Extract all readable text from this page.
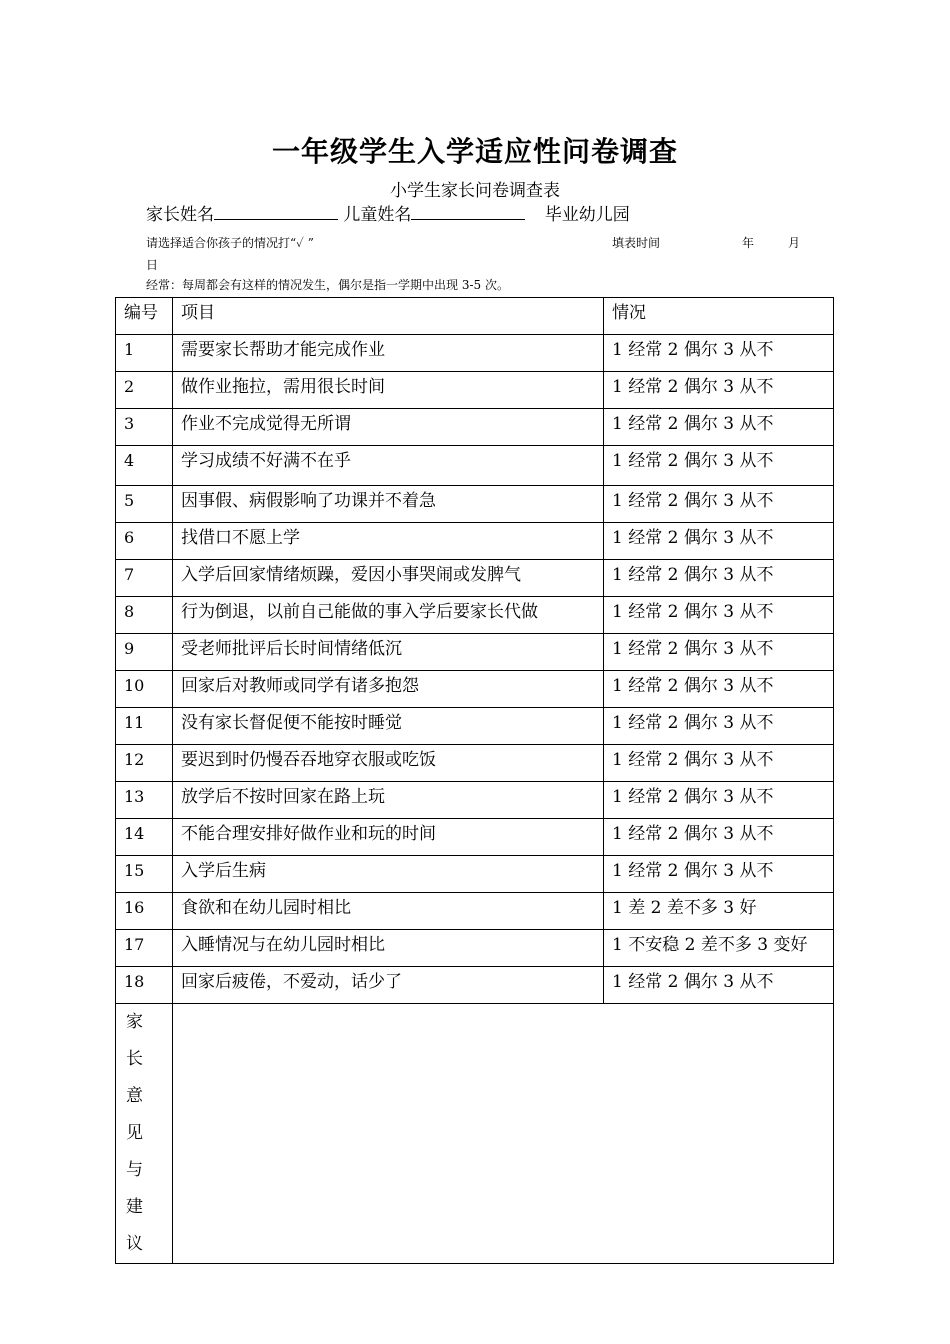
一年级学生入学适应性问卷调查
小学生家长问卷调查表
家长姓名	儿童姓名	毕业幼儿园
请选择适合你孩子的情况打“✓ ”	填表时间	年	月
日
经常：每周都会有这样的情况发生，偶尔是指一学期中出现 3-5 次。
编号	项目	情况
1	需要家长帮助才能完成作业	1 经常 2 偶尔 3 从不
2	做作业拖拉，需用很长时间	1 经常 2 偶尔 3 从不
3	作业不完成觉得无所谓	1 经常 2 偶尔 3 从不
4	学习成绩不好满不在乎	1 经常 2 偶尔 3 从不
5	因事假、病假影响了功课并不着急	1 经常 2 偶尔 3 从不
6	找借口不愿上学	1 经常 2 偶尔 3 从不
7	入学后回家情绪烦躁，爱因小事哭闹或发脾气	1 经常 2 偶尔 3 从不
8	行为倒退，以前自己能做的事入学后要家长代做	1 经常 2 偶尔 3 从不
9	受老师批评后长时间情绪低沉	1 经常 2 偶尔 3 从不
10	回家后对教师或同学有诸多抱怨	1 经常 2 偶尔 3 从不
11	没有家长督促便不能按时睡觉	1 经常 2 偶尔 3 从不
12	要迟到时仍慢吞吞地穿衣服或吃饭	1 经常 2 偶尔 3 从不
13	放学后不按时回家在路上玩	1 经常 2 偶尔 3 从不
14	不能合理安排好做作业和玩的时间	1 经常 2 偶尔 3 从不
15	入学后生病	1 经常 2 偶尔 3 从不
16	食欲和在幼儿园时相比	1 差 2 差不多 3 好
17	入睡情况与在幼儿园时相比	1 不安稳 2 差不多 3 变好
18	回家后疲倦，不爱动，话少了	1 经常 2 偶尔 3 从不

家长意见与建议		
